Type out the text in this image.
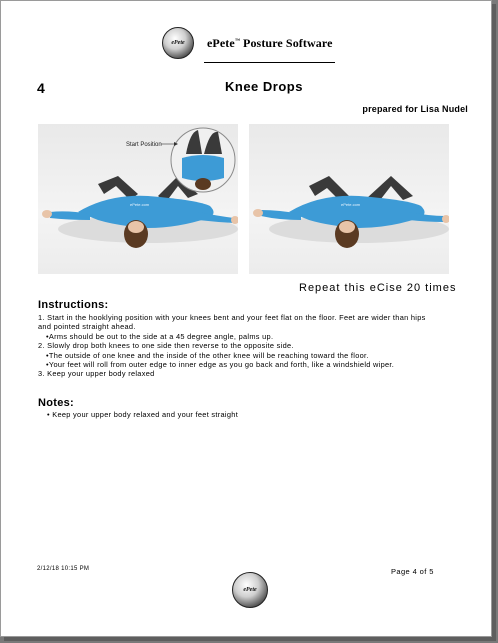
ePete ePete™ Posture Software
4	Knee Drops
prepared for Lisa Nudel
ePete.com
Start Position
ePete.com
Repeat this eCise 20 times
Instructions:
1. Start in the hooklying position with your knees bent and your feet flat on the floor. Feet are wider than hips
and pointed straight ahead.
•Arms should be out to the side at a 45 degree angle, palms up.
2. Slowly drop both knees to one side then reverse to the opposite side.
•The outside of one knee and the inside of the other knee will be reaching toward the floor.
•Your feet will roll from outer edge to inner edge as you go back and forth, like a windshield wiper.
3. Keep your upper body relaxed
Notes:
• Keep your upper body relaxed and your feet straight
2/12/18 10:15 PM	Page 4 of 5
ePete
